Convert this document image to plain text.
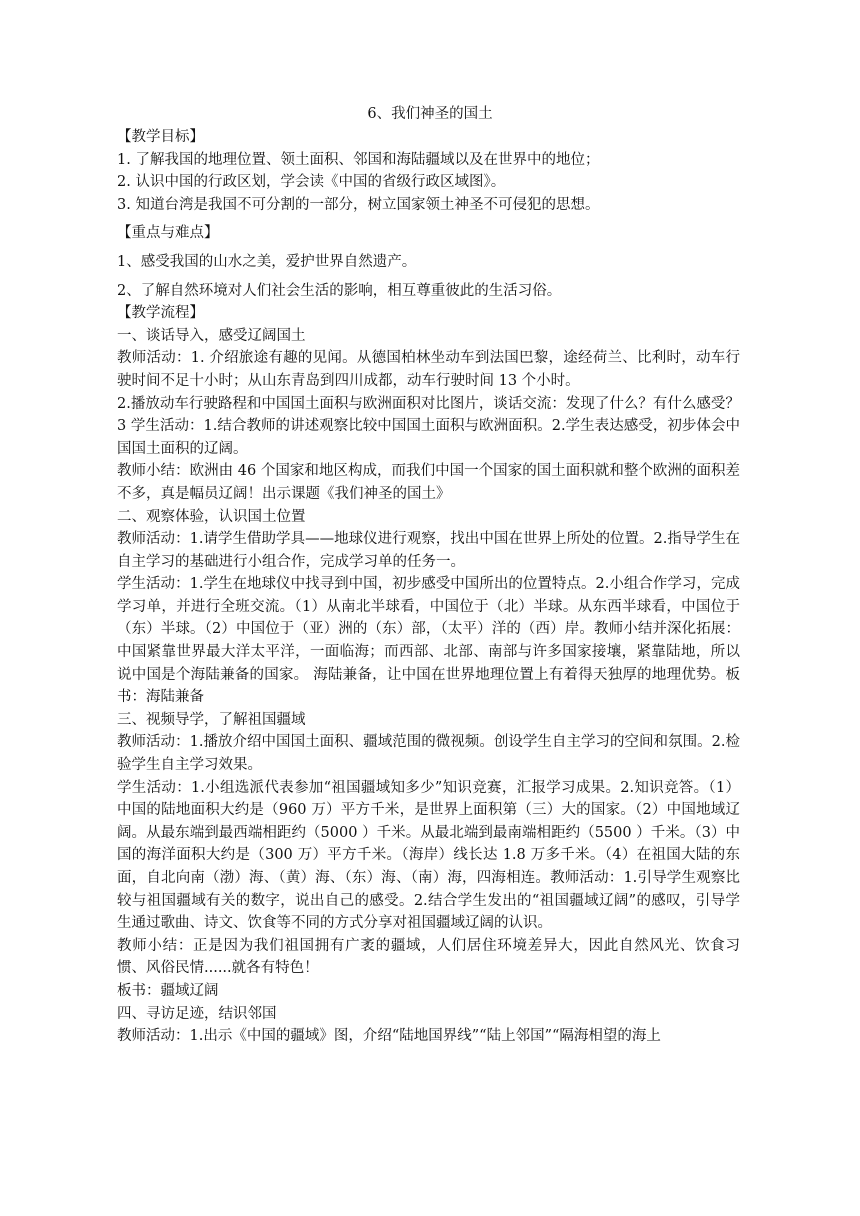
6、我们神圣的国土

【教学目标】

1. 了解我国的地理位置、领土面积、邻国和海陆疆域以及在世界中的地位；

2. 认识中国的行政区划，学会读《中国的省级行政区域图》。

3. 知道台湾是我国不可分割的一部分，树立国家领土神圣不可侵犯的思想。

【重点与难点】

1、感受我国的山水之美，爱护世界自然遗产。

2、了解自然环境对人们社会生活的影响，相互尊重彼此的生活习俗。

【教学流程】

一、谈话导入，感受辽阔国土

教师活动：1. 介绍旅途有趣的见闻。从德国柏林坐动车到法国巴黎，途经荷兰、比利时，动车行驶时间不足十小时；从山东青岛到四川成都，动车行驶时间 13 个小时。

2.播放动车行驶路程和中国国土面积与欧洲面积对比图片，谈话交流：发现了什么？有什么感受？

3 学生活动：1.结合教师的讲述观察比较中国国土面积与欧洲面积。2.学生表达感受，初步体会中国国土面积的辽阔。

教师小结：欧洲由 46 个国家和地区构成，而我们中国一个国家的国土面积就和整个欧洲的面积差不多，真是幅员辽阔！出示课题《我们神圣的国土》

二、观察体验，认识国土位置

教师活动：1.请学生借助学具——地球仪进行观察，找出中国在世界上所处的位置。2.指导学生在自主学习的基础进行小组合作，完成学习单的任务一。

学生活动：1.学生在地球仪中找寻到中国，初步感受中国所出的位置特点。2.小组合作学习，完成学习单，并进行全班交流。（1）从南北半球看，中国位于（北）半球。从东西半球看，中国位于（东）半球。（2）中国位于（亚）洲的（东）部，（太平）洋的（西）岸。教师小结并深化拓展：中国紧靠世界最大洋太平洋，一面临海；而西部、北部、南部与许多国家接壤，紧靠陆地，所以说中国是个海陆兼备的国家。 海陆兼备，让中国在世界地理位置上有着得天独厚的地理优势。板书：海陆兼备

三、视频导学，了解祖国疆域

教师活动：1.播放介绍中国国土面积、疆域范围的微视频。创设学生自主学习的空间和氛围。2.检验学生自主学习效果。

学生活动：1.小组选派代表参加“祖国疆域知多少”知识竞赛，汇报学习成果。2.知识竞答。（1）中国的陆地面积大约是（960 万）平方千米，是世界上面积第（三）大的国家。（2）中国地域辽阔。从最东端到最西端相距约（5000 ）千米。从最北端到最南端相距约（5500 ）千米。（3）中国的海洋面积大约是（300 万）平方千米。（海岸）线长达 1.8 万多千米。（4）在祖国大陆的东面，自北向南（渤）海、（黄）海、（东）海、（南）海，四海相连。教师活动：1.引导学生观察比较与祖国疆域有关的数字，说出自己的感受。2.结合学生发出的“祖国疆域辽阔”的感叹，引导学生通过歌曲、诗文、饮食等不同的方式分享对祖国疆域辽阔的认识。

教师小结：正是因为我们祖国拥有广袤的疆域，人们居住环境差异大，因此自然风光、饮食习惯、风俗民情......就各有特色！

板书：疆域辽阔

四、寻访足迹，结识邻国

教师活动：1.出示《中国的疆域》图，介绍“陆地国界线”“陆上邻国”“隔海相望的海上
